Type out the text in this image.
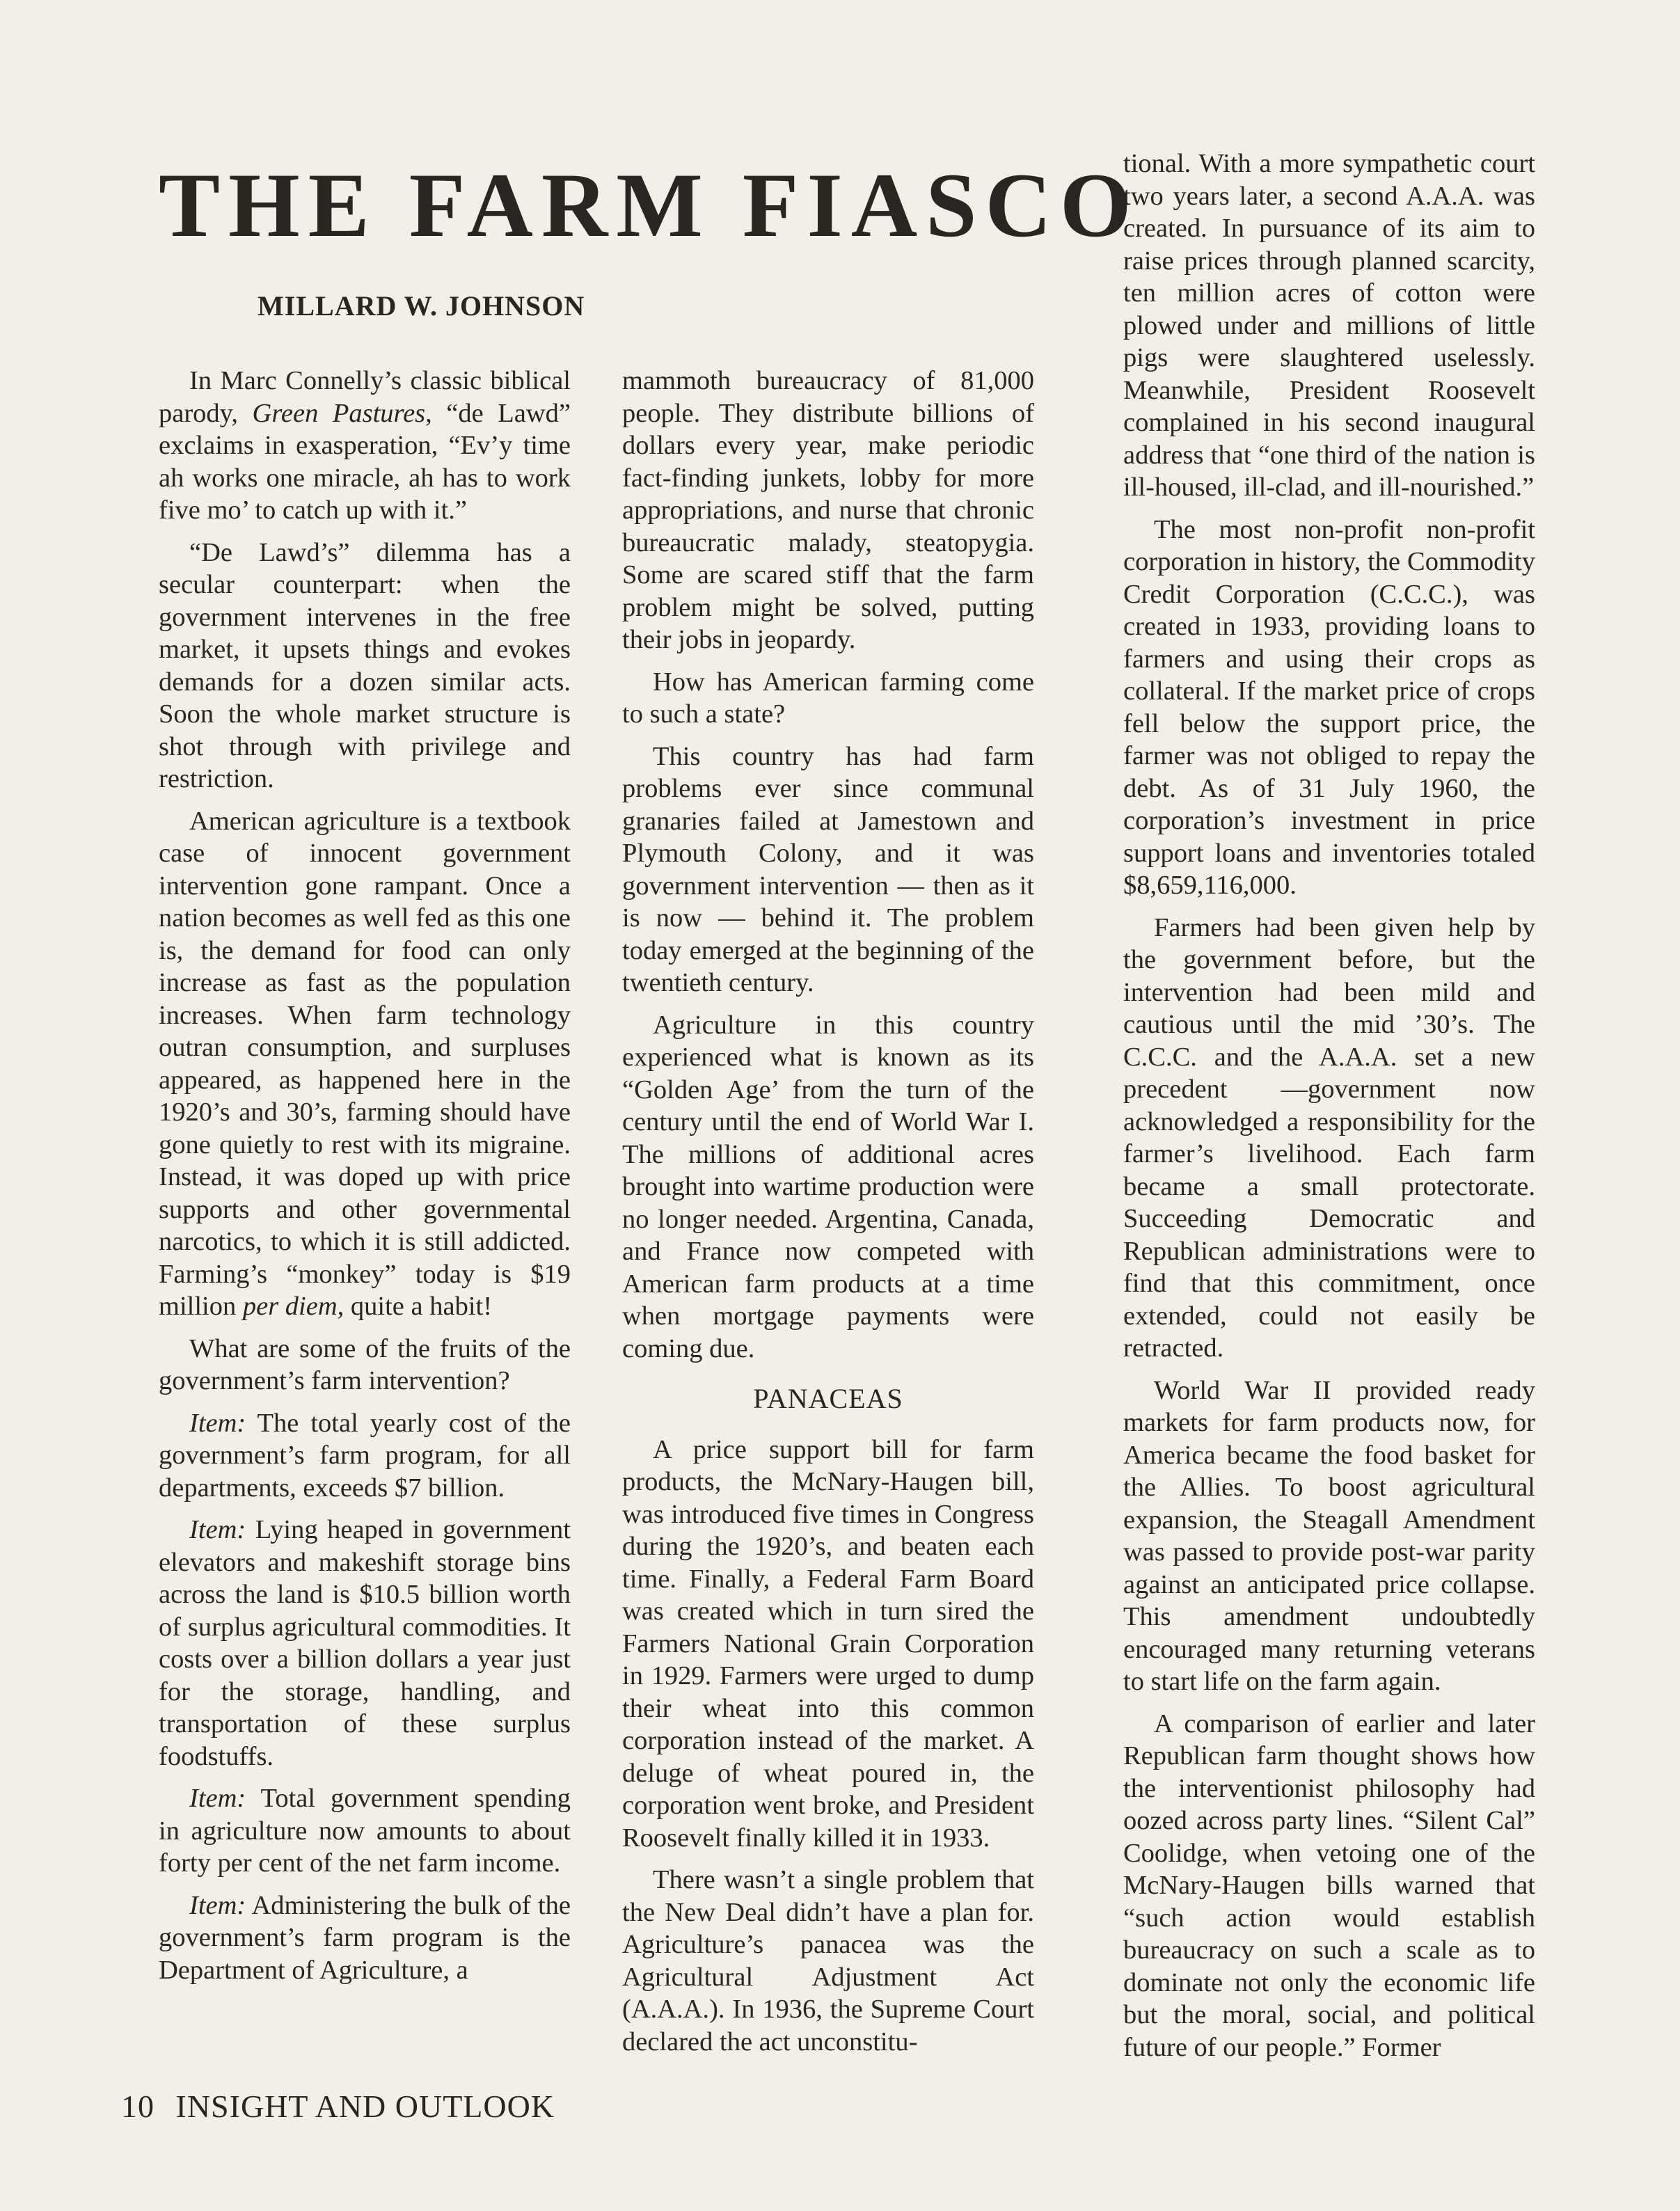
THE FARM FIASCO
MILLARD W. JOHNSON

In Marc Connelly’s classic biblical parody, Green Pastures, “de Lawd” exclaims in exasperation, “Ev’y time ah works one miracle, ah has to work five mo’ to catch up with it.”

“De Lawd’s” dilemma has a secular counterpart: when the government intervenes in the free market, it upsets things and evokes demands for a dozen similar acts. Soon the whole market structure is shot through with privilege and restriction.

American agriculture is a textbook case of innocent government intervention gone rampant. Once a nation becomes as well fed as this one is, the demand for food can only increase as fast as the population increases. When farm technology outran consumption, and surpluses appeared, as happened here in the 1920’s and 30’s, farming should have gone quietly to rest with its migraine. Instead, it was doped up with price supports and other governmental narcotics, to which it is still addicted. Farming’s “monkey” today is $19 million per diem, quite a habit!

What are some of the fruits of the government’s farm intervention?

Item: The total yearly cost of the government’s farm program, for all departments, exceeds $7 billion.

Item: Lying heaped in government elevators and makeshift storage bins across the land is $10.5 billion worth of surplus agricultural commodities. It costs over a billion dollars a year just for the storage, handling, and transportation of these surplus foodstuffs.

Item: Total government spending in agriculture now amounts to about forty per cent of the net farm income.

Item: Administering the bulk of the government’s farm program is the Department of Agriculture, a

mammoth bureaucracy of 81,000 people. They distribute billions of dollars every year, make periodic fact-finding junkets, lobby for more appropriations, and nurse that chronic bureaucratic malady, steatopygia. Some are scared stiff that the farm problem might be solved, putting their jobs in jeopardy.

How has American farming come to such a state?

This country has had farm problems ever since communal granaries failed at Jamestown and Plymouth Colony, and it was government intervention — then as it is now — behind it. The problem today emerged at the beginning of the twentieth century.

Agriculture in this country experienced what is known as its “Golden Age’ from the turn of the century until the end of World War I. The millions of additional acres brought into wartime production were no longer needed. Argentina, Canada, and France now competed with American farm products at a time when mortgage payments were coming due.

PANACEAS

A price support bill for farm products, the McNary-Haugen bill, was introduced five times in Congress during the 1920’s, and beaten each time. Finally, a Federal Farm Board was created which in turn sired the Farmers National Grain Corporation in 1929. Farmers were urged to dump their wheat into this common corporation instead of the market. A deluge of wheat poured in, the corporation went broke, and President Roosevelt finally killed it in 1933.

There wasn’t a single problem that the New Deal didn’t have a plan for. Agriculture’s panacea was the Agricultural Adjustment Act (A.A.A.). In 1936, the Supreme Court declared the act unconstitu-

tional. With a more sympathetic court two years later, a second A.A.A. was created. In pursuance of its aim to raise prices through planned scarcity, ten million acres of cotton were plowed under and millions of little pigs were slaughtered uselessly. Meanwhile, President Roosevelt complained in his second inaugural address that “one third of the nation is ill-housed, ill-clad, and ill-nourished.”

The most non-profit non-profit corporation in history, the Commodity Credit Corporation (C.C.C.), was created in 1933, providing loans to farmers and using their crops as collateral. If the market price of crops fell below the support price, the farmer was not obliged to repay the debt. As of 31 July 1960, the corporation’s investment in price support loans and inventories totaled $8,659,116,000.

Farmers had been given help by the government before, but the intervention had been mild and cautious until the mid ’30’s. The C.C.C. and the A.A.A. set a new precedent —government now acknowledged a responsibility for the farmer’s livelihood. Each farm became a small protectorate. Succeeding Democratic and Republican administrations were to find that this commitment, once extended, could not easily be retracted.

World War II provided ready markets for farm products now, for America became the food basket for the Allies. To boost agricultural expansion, the Steagall Amendment was passed to provide post-war parity against an anticipated price collapse. This amendment undoubtedly encouraged many returning veterans to start life on the farm again.

A comparison of earlier and later Republican farm thought shows how the interventionist philosophy had oozed across party lines. “Silent Cal” Coolidge, when vetoing one of the McNary-Haugen bills warned that “such action would establish bureaucracy on such a scale as to dominate not only the economic life but the moral, social, and political future of our people.” Former

10 INSIGHT AND OUTLOOK
